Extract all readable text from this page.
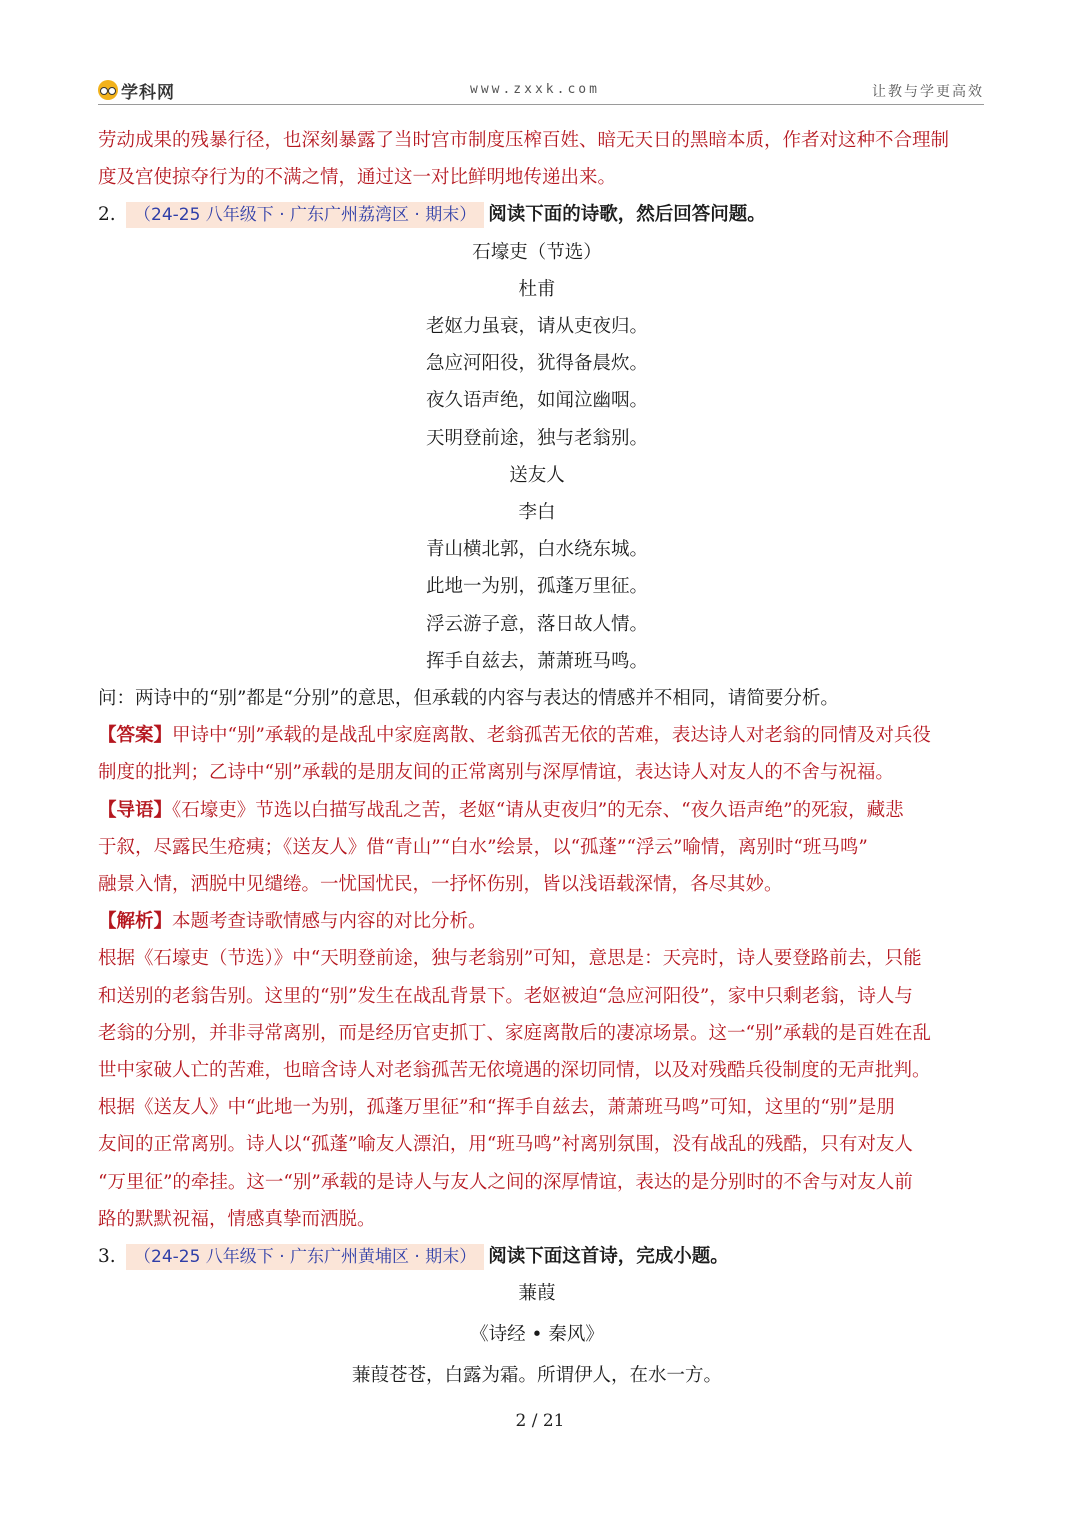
学科网	www.zxxk.com	让教与学更高效

劳动成果的残暴行径，也深刻暴露了当时宫市制度压榨百姓、暗无天日的黑暗本质，作者对这种不合理制

度及宫使掠夺行为的不满之情，通过这一对比鲜明地传递出来。

2.	（24-25 八年级下 · 广东广州荔湾区 · 期末） 阅读下面的诗歌，然后回答问题。

石壕吏（节选）

杜甫

老妪力虽衰，请从吏夜归。

急应河阳役，犹得备晨炊。

夜久语声绝，如闻泣幽咽。

天明登前途，独与老翁别。

送友人

李白

青山横北郭，白水绕东城。

此地一为别，孤蓬万里征。

浮云游子意，落日故人情。

挥手自兹去，萧萧班马鸣。

问：两诗中的“别”都是“分别”的意思，但承载的内容与表达的情感并不相同，请简要分析。

【答案】甲诗中“别”承载的是战乱中家庭离散、老翁孤苦无依的苦难，表达诗人对老翁的同情及对兵役

制度的批判；乙诗中“别”承载的是朋友间的正常离别与深厚情谊，表达诗人对友人的不舍与祝福。

【导语】《石壕吏》节选以白描写战乱之苦，老妪“请从吏夜归”的无奈、“夜久语声绝”的死寂，藏悲

于叙，尽露民生疮痍；《送友人》借“青山”“白水”绘景，以“孤蓬”“浮云”喻情，离别时“班马鸣”

融景入情，洒脱中见缱绻。一忧国忧民，一抒怀伤别，皆以浅语载深情，各尽其妙。

【解析】本题考查诗歌情感与内容的对比分析。

根据《石壕吏（节选）》中“天明登前途，独与老翁别”可知，意思是：天亮时，诗人要登路前去，只能

和送别的老翁告别。这里的“别”发生在战乱背景下。老妪被迫“急应河阳役”，家中只剩老翁，诗人与

老翁的分别，并非寻常离别，而是经历官吏抓丁、家庭离散后的凄凉场景。这一“别”承载的是百姓在乱

世中家破人亡的苦难，也暗含诗人对老翁孤苦无依境遇的深切同情，以及对残酷兵役制度的无声批判。

根据《送友人》中“此地一为别，孤蓬万里征”和“挥手自兹去，萧萧班马鸣”可知，这里的“别”是朋

友间的正常离别。诗人以“孤蓬”喻友人漂泊，用“班马鸣”衬离别氛围，没有战乱的残酷，只有对友人

“万里征”的牵挂。这一“别”承载的是诗人与友人之间的深厚情谊，表达的是分别时的不舍与对友人前

路的默默祝福，情感真挚而洒脱。

3.	（24-25 八年级下 · 广东广州黄埔区 · 期末） 阅读下面这首诗，完成小题。

蒹葭

《诗经 • 秦风》

蒹葭苍苍，白露为霜。所谓伊人，在水一方。

2 / 21
